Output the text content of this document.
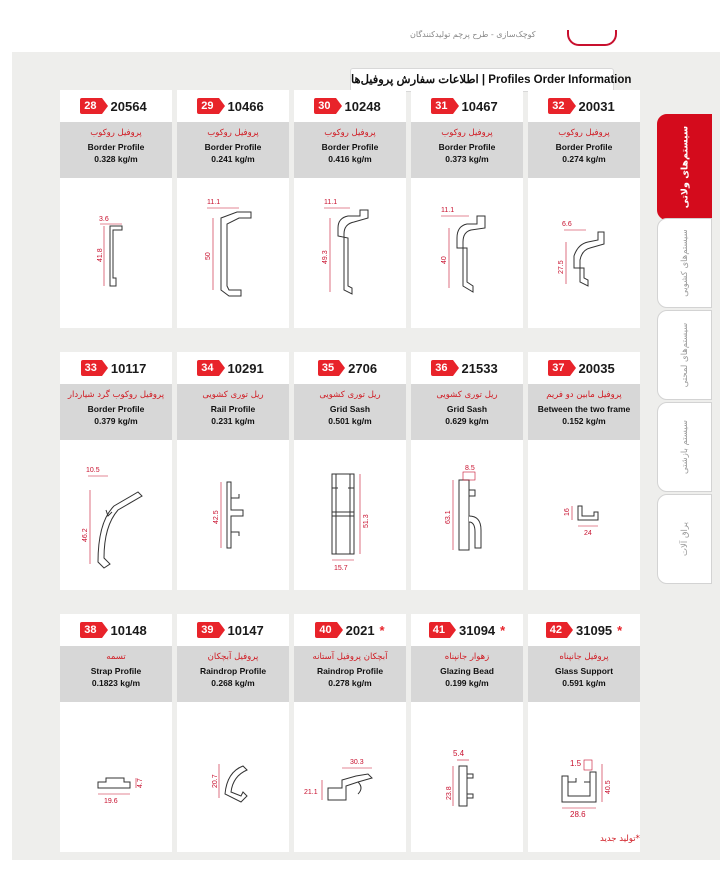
کوچک‌سازی - طرح پرچم تولیدکنندگان
اطلاعات سفارش پروفیل‌ها | Profiles Order Information
سیستم‌های ولاتی
سیستم‌های کشویی
سیستم‌های لمحتی
سیستم بازشتی
یراق آلات
28	20564
پروفیل روکوب
Border Profile
0.328 kg/m
3.6
41.8
29	10466
پروفیل روکوب
Border Profile
0.241 kg/m
11.1
50
30	10248
پروفیل روکوب
Border Profile
0.416 kg/m
11.1
49.3
31	10467
پروفیل روکوب
Border Profile
0.373 kg/m
11.1
40
32	20031
پروفیل روکوب
Border Profile
0.274 kg/m
6.6
27.5
33	10117
پروفیل روکوب گرد شیاردار
Border Profile
0.379 kg/m
10.5
46.2
34	10291
ریل توری کشویی
Rail Profile
0.231 kg/m
42.5
35	2706
ریل توری کشویی
Grid Sash
0.501 kg/m
51.3
15.7
36	21533
ریل توری کشویی
Grid Sash
0.629 kg/m
8.5
63.1
37	20035
پروفیل مابین دو فریم
Between the two frame
0.152 kg/m
16
24
38	10148
تسمه
Strap Profile
0.1823 kg/m
4.7
19.6
39	10147
پروفیل آبچکان
Raindrop Profile
0.268 kg/m
20.7
40	2021 *
آبچکان پروفیل آستانه
Raindrop Profile
0.278 kg/m
30.3
21.1
41	31094 *
زهوار جانپناه
Glazing Bead
0.199 kg/m
5.4
23.8
42	31095 *
پروفیل جانپناه
Glass Support
0.591 kg/m
1.5
40.5
28.6
*تولید جدید
